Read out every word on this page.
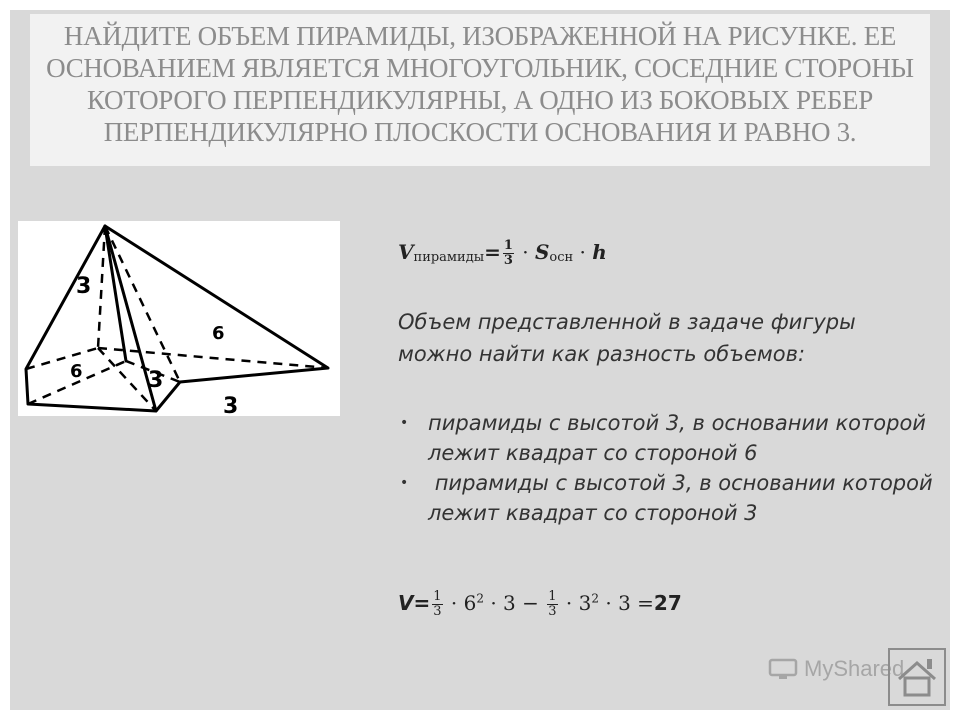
НАЙДИТЕ ОБЪЕМ ПИРАМИДЫ, ИЗОБРАЖЕННОЙ НА РИСУНКЕ. ЕЕ
ОСНОВАНИЕМ ЯВЛЯЕТСЯ МНОГОУГОЛЬНИК, СОСЕДНИЕ СТОРОНЫ
КОТОРОГО ПЕРПЕНДИКУЛЯРНЫ, А ОДНО ИЗ БОКОВЫХ РЕБЕР
ПЕРПЕНДИКУЛЯРНО ПЛОСКОСТИ ОСНОВАНИЯ И РАВНО 3.
3
6
6	3
3
Vпирамиды= $\frac{1}{3}$ · Sосн · h
Объем представленной в задаче фигуры можно найти как разность объемов:
• пирамиды с высотой 3, в основании которой лежит квадрат со стороной 6
• пирамиды с высотой 3, в основании которой лежит квадрат со стороной 3
$V= \frac{1}{3} \cdot 6^2 \cdot 3 - \frac{1}{3} \cdot 3^2 \cdot 3 =27$
MyShared
